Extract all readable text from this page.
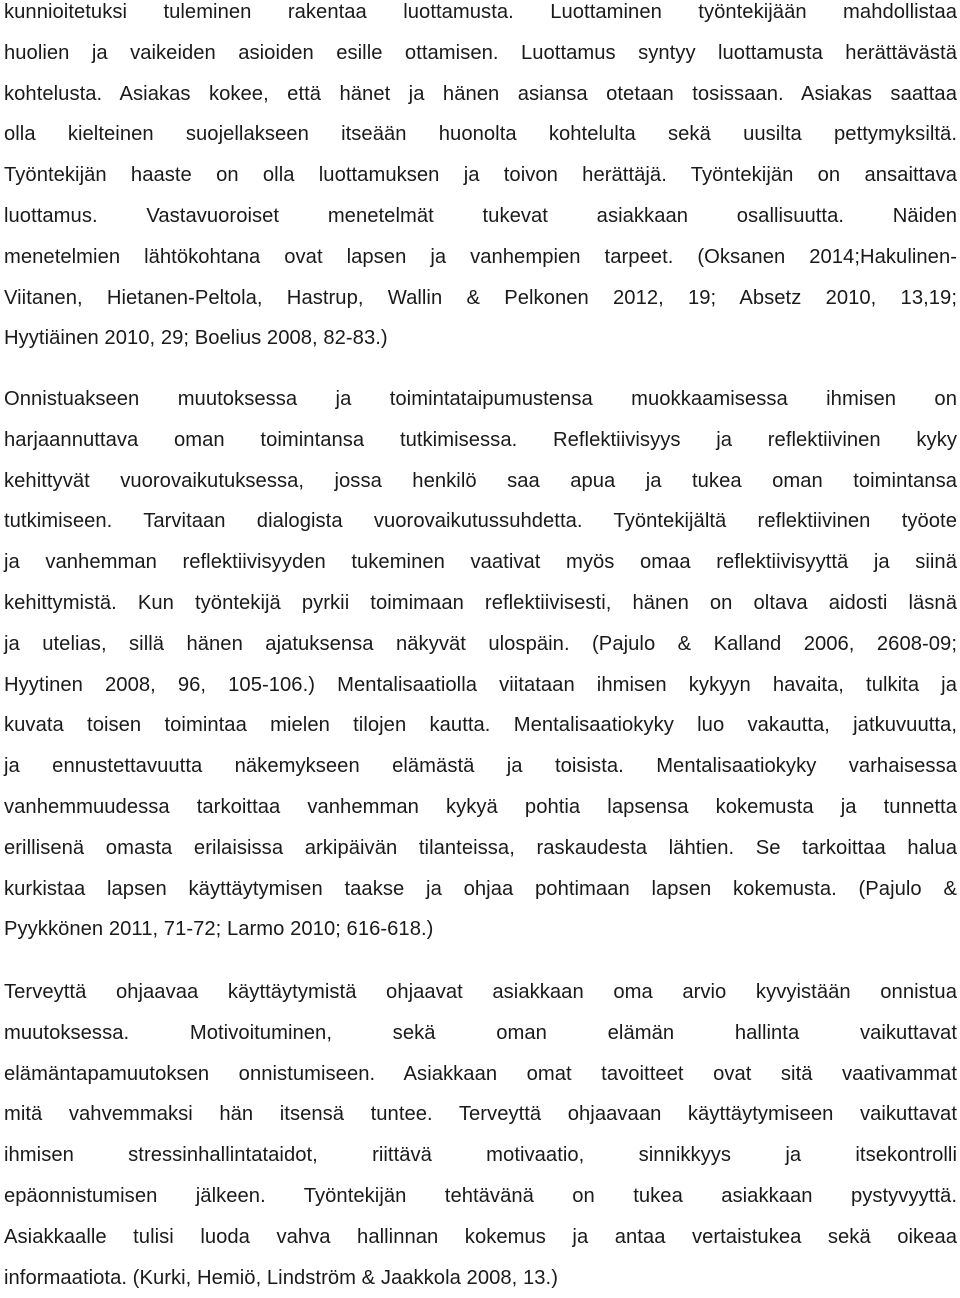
kunnioitetuksi tuleminen rakentaa luottamusta. Luottaminen työntekijään mahdollistaa
huolien ja vaikeiden asioiden esille ottamisen. Luottamus syntyy luottamusta herättävästä
kohtelusta. Asiakas kokee, että hänet ja hänen asiansa otetaan tosissaan. Asiakas saattaa
olla kielteinen suojellakseen itseään huonolta kohtelulta sekä uusilta pettymyksiltä.
Työntekijän haaste on olla luottamuksen ja toivon herättäjä. Työntekijän on ansaittava
luottamus. Vastavuoroiset menetelmät tukevat asiakkaan osallisuutta. Näiden
menetelmien lähtökohtana ovat lapsen ja vanhempien tarpeet. (Oksanen 2014;Hakulinen-
Viitanen, Hietanen-Peltola, Hastrup, Wallin & Pelkonen 2012, 19; Absetz 2010, 13,19;
Hyytiäinen 2010, 29; Boelius 2008, 82-83.)
Onnistuakseen muutoksessa ja toimintataipumustensa muokkaamisessa ihmisen on
harjaannuttava oman toimintansa tutkimisessa. Reflektiivisyys ja reflektiivinen kyky
kehittyvät vuorovaikutuksessa, jossa henkilö saa apua ja tukea oman toimintansa
tutkimiseen. Tarvitaan dialogista vuorovaikutussuhdetta. Työntekijältä reflektiivinen työote
ja vanhemman reflektiivisyyden tukeminen vaativat myös omaa reflektiivisyyttä ja siinä
kehittymistä. Kun työntekijä pyrkii toimimaan reflektiivisesti, hänen on oltava aidosti läsnä
ja utelias, sillä hänen ajatuksensa näkyvät ulospäin. (Pajulo & Kalland 2006, 2608-09;
Hyytinen 2008, 96, 105-106.) Mentalisaatiolla viitataan ihmisen kykyyn havaita, tulkita ja
kuvata toisen toimintaa mielen tilojen kautta. Mentalisaatiokyky luo vakautta, jatkuvuutta,
ja ennustettavuutta näkemykseen elämästä ja toisista. Mentalisaatiokyky varhaisessa
vanhemmuudessa tarkoittaa vanhemman kykyä pohtia lapsensa kokemusta ja tunnetta
erillisenä omasta erilaisissa arkipäivän tilanteissa, raskaudesta lähtien. Se tarkoittaa halua
kurkistaa lapsen käyttäytymisen taakse ja ohjaa pohtimaan lapsen kokemusta. (Pajulo &
Pyykkönen 2011, 71-72; Larmo 2010; 616-618.)
Terveyttä ohjaavaa käyttäytymistä ohjaavat asiakkaan oma arvio kyvyistään onnistua
muutoksessa. Motivoituminen, sekä oman elämän hallinta vaikuttavat
elämäntapamuutoksen onnistumiseen. Asiakkaan omat tavoitteet ovat sitä vaativammat
mitä vahvemmaksi hän itsensä tuntee. Terveyttä ohjaavaan käyttäytymiseen vaikuttavat
ihmisen stressinhallintataidot, riittävä motivaatio, sinnikkyys ja itsekontrolli
epäonnistumisen jälkeen. Työntekijän tehtävänä on tukea asiakkaan pystyvyyttä.
Asiakkaalle tulisi luoda vahva hallinnan kokemus ja antaa vertaistukea sekä oikeaa
informaatiota. (Kurki, Hemiö, Lindström & Jaakkola 2008, 13.)
